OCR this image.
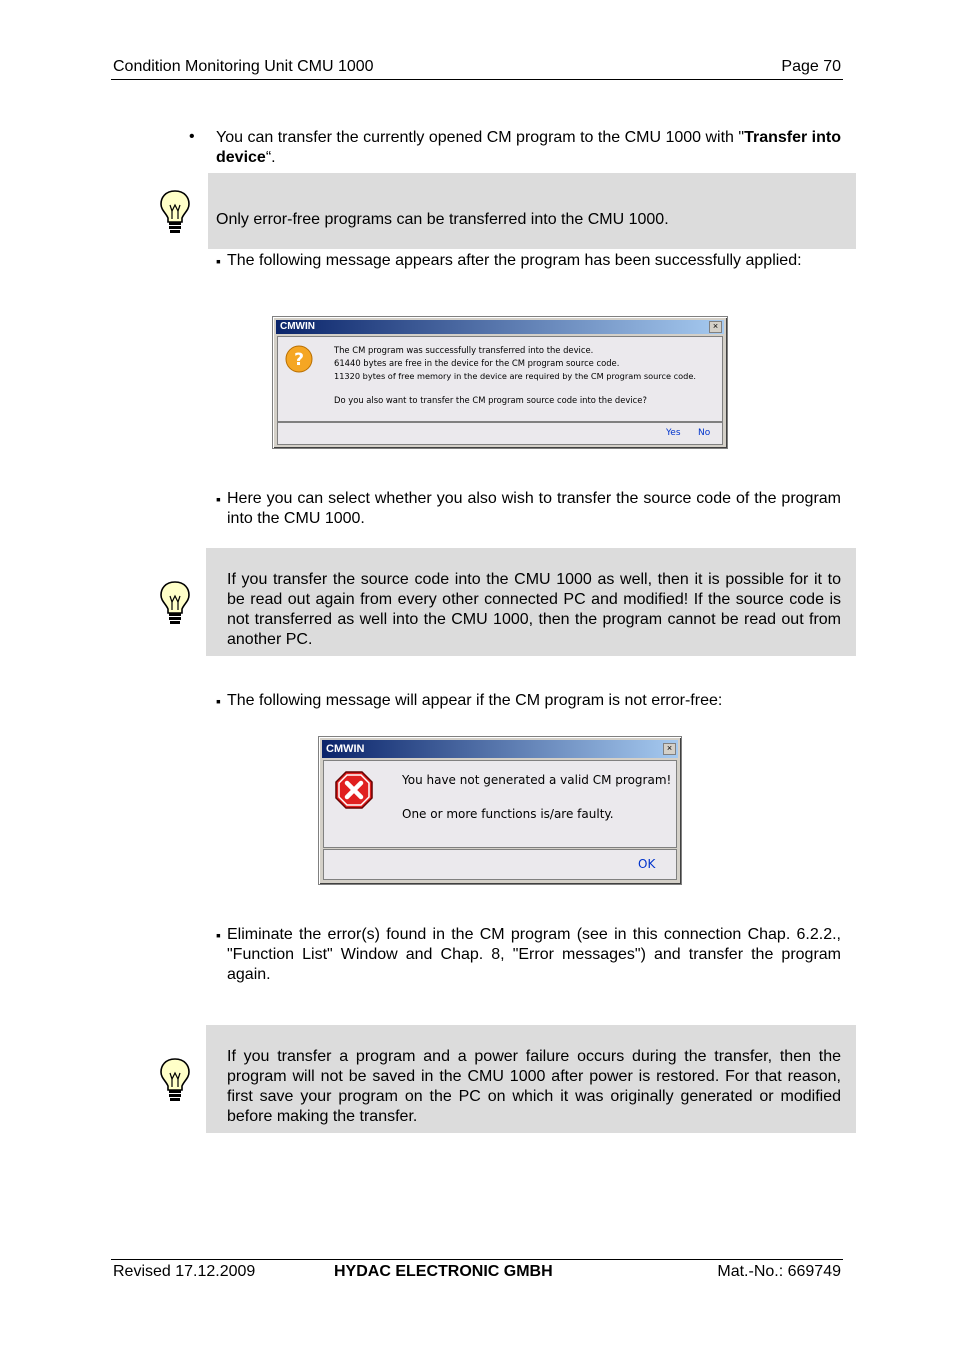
Condition Monitoring Unit CMU 1000	Page 70
• You can transfer the currently opened CM program to the CMU 1000 with "Transfer into device“.
Only error-free programs can be transferred into the CMU 1000.
▪ The following message appears after the program has been successfully applied:
CMWIN	×
?	The CM program was successfully transferred into the device.
61440 bytes are free in the device for the CM program source code.
11320 bytes of free memory in the device are required by the CM program source code.
Do you also want to transfer the CM program source code into the device?
Yes No
▪ Here you can select whether you also wish to transfer the source code of the program into the CMU 1000.
If you transfer the source code into the CMU 1000 as well, then it is possible for it to be read out again from every other connected PC and modified! If the source code is not transferred as well into the CMU 1000, then the program cannot be read out from another PC.
▪ The following message will appear if the CM program is not error-free:
CMWIN	×
You have not generated a valid CM program!
One or more functions is/are faulty.
OK
▪ Eliminate the error(s) found in the CM program (see in this connection Chap. 6.2.2., "Function List" Window and Chap. 8, "Error messages") and transfer the program again.
If you transfer a program and a power failure occurs during the transfer, then the program will not be saved in the CMU 1000 after power is restored. For that reason, first save your program on the PC on which it was originally generated or modified before making the transfer.
Revised 17.12.2009	HYDAC ELECTRONIC GMBH	Mat.-No.: 669749
